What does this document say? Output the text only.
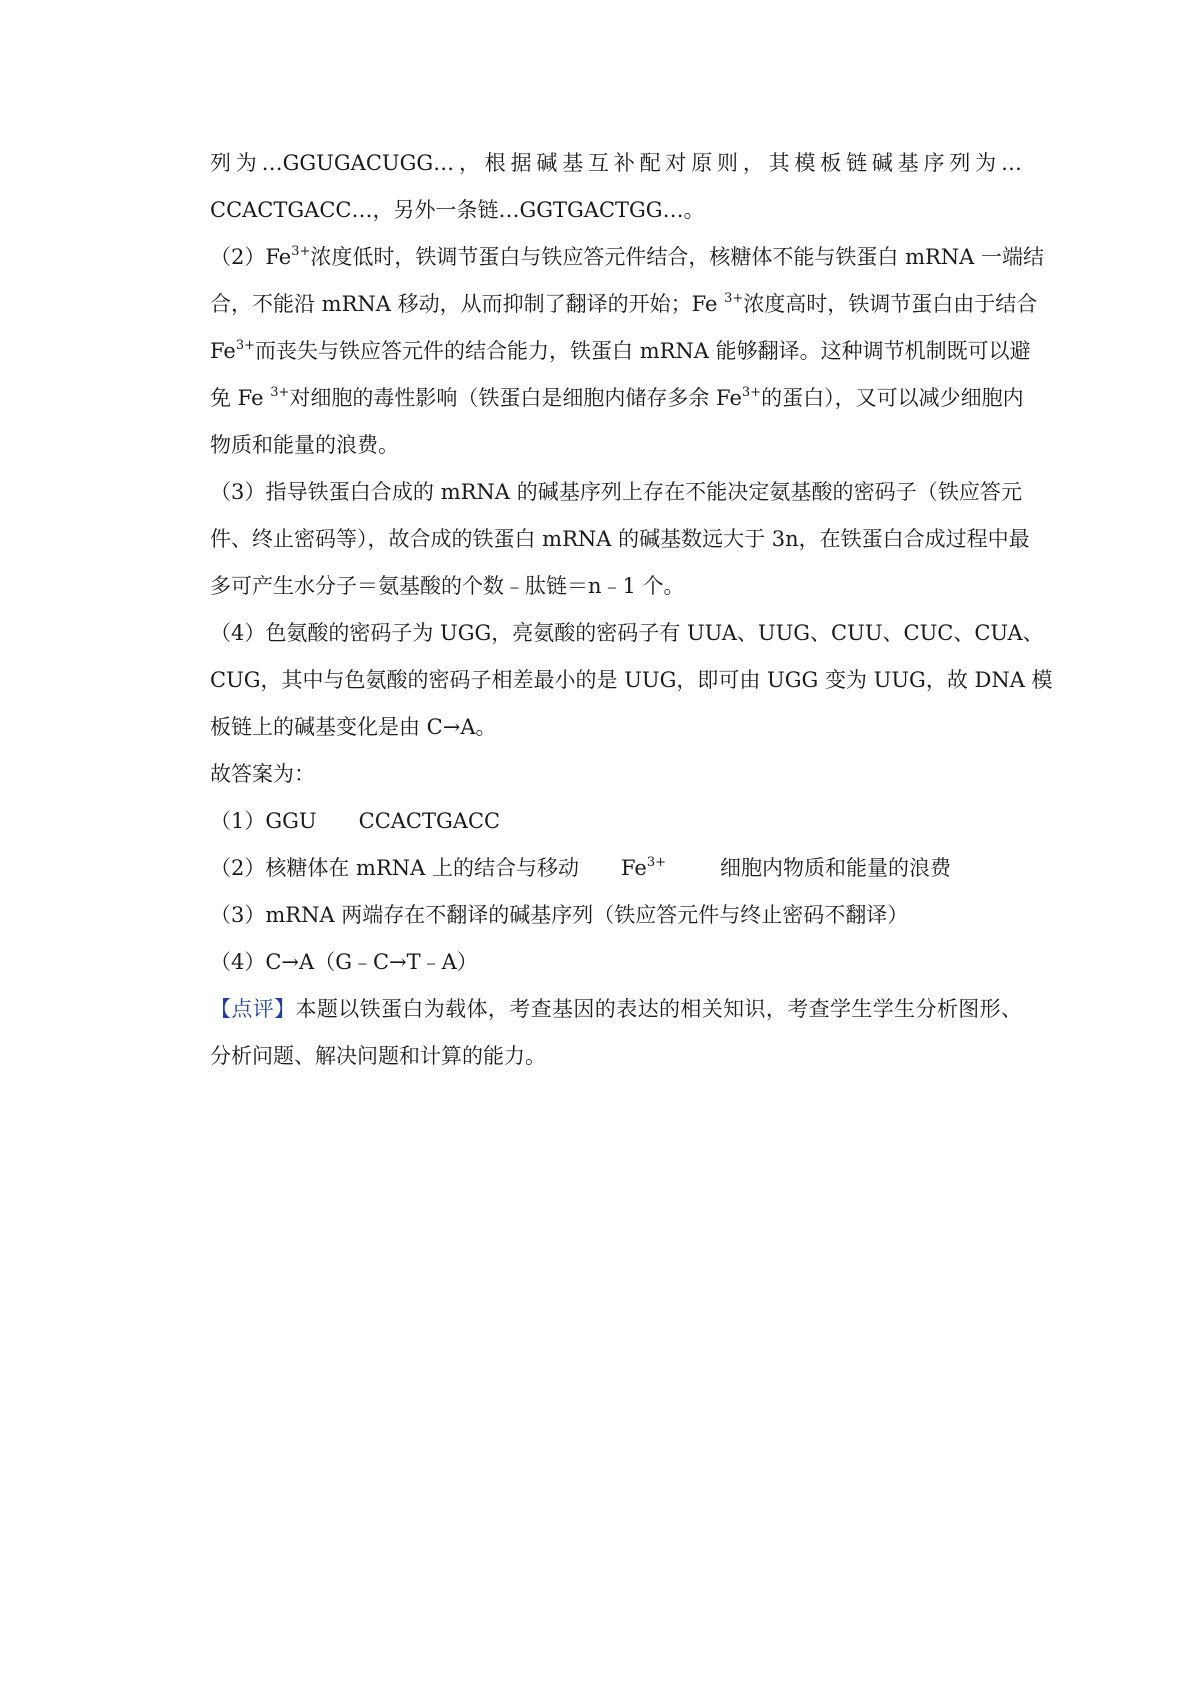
列为…GGUGACUGG…，根据碱基互补配对原则，其模板链碱基序列为…
CCACTGACC…，另外一条链…GGTGACTGG…。
$(2)Fe^{3+}$浓度低时，铁调节蛋白与铁应答元件结合，核糖体不能与铁蛋白 mRNA 一端结
合，不能沿 mRNA 移动，从而抑制了翻译的开始；Fe $^{3+}$浓度高时，铁调节蛋白由于结合
$Fe^{3+}$而丧失与铁应答元件的结合能力，铁蛋白 mRNA 能够翻译。这种调节机制既可以避
免 Fe $^{3+}$对细胞的毒性影响（铁蛋白是细胞内储存多余 $Fe^{3+}$的蛋白），又可以减少细胞内
物质和能量的浪费。
（3）指导铁蛋白合成的 mRNA 的碱基序列上存在不能决定氨基酸的密码子（铁应答元
件、终止密码等），故合成的铁蛋白 mRNA 的碱基数远大于 3n，在铁蛋白合成过程中最
多可产生水分子＝氨基酸的个数﹣肽链＝n﹣1 个。
（4）色氨酸的密码子为 UGG，亮氨酸的密码子有 UUA、UUG、CUU、CUC、CUA、
CUG，其中与色氨酸的密码子相差最小的是 UUG，即可由 UGG 变为 UUG，故 DNA 模
板链上的碱基变化是由 C→A。
故答案为：
（1）GGU CCACTGACC
（2）核糖体在 mRNA 上的结合与移动 $Fe^{3+}$	细胞内物质和能量的浪费
（3）mRNA 两端存在不翻译的碱基序列（铁应答元件与终止密码不翻译）
（4）C→A（G﹣C→T﹣A）
【点评】本题以铁蛋白为载体，考查基因的表达的相关知识，考查学生学生分析图形、
分析问题、解决问题和计算的能力。
